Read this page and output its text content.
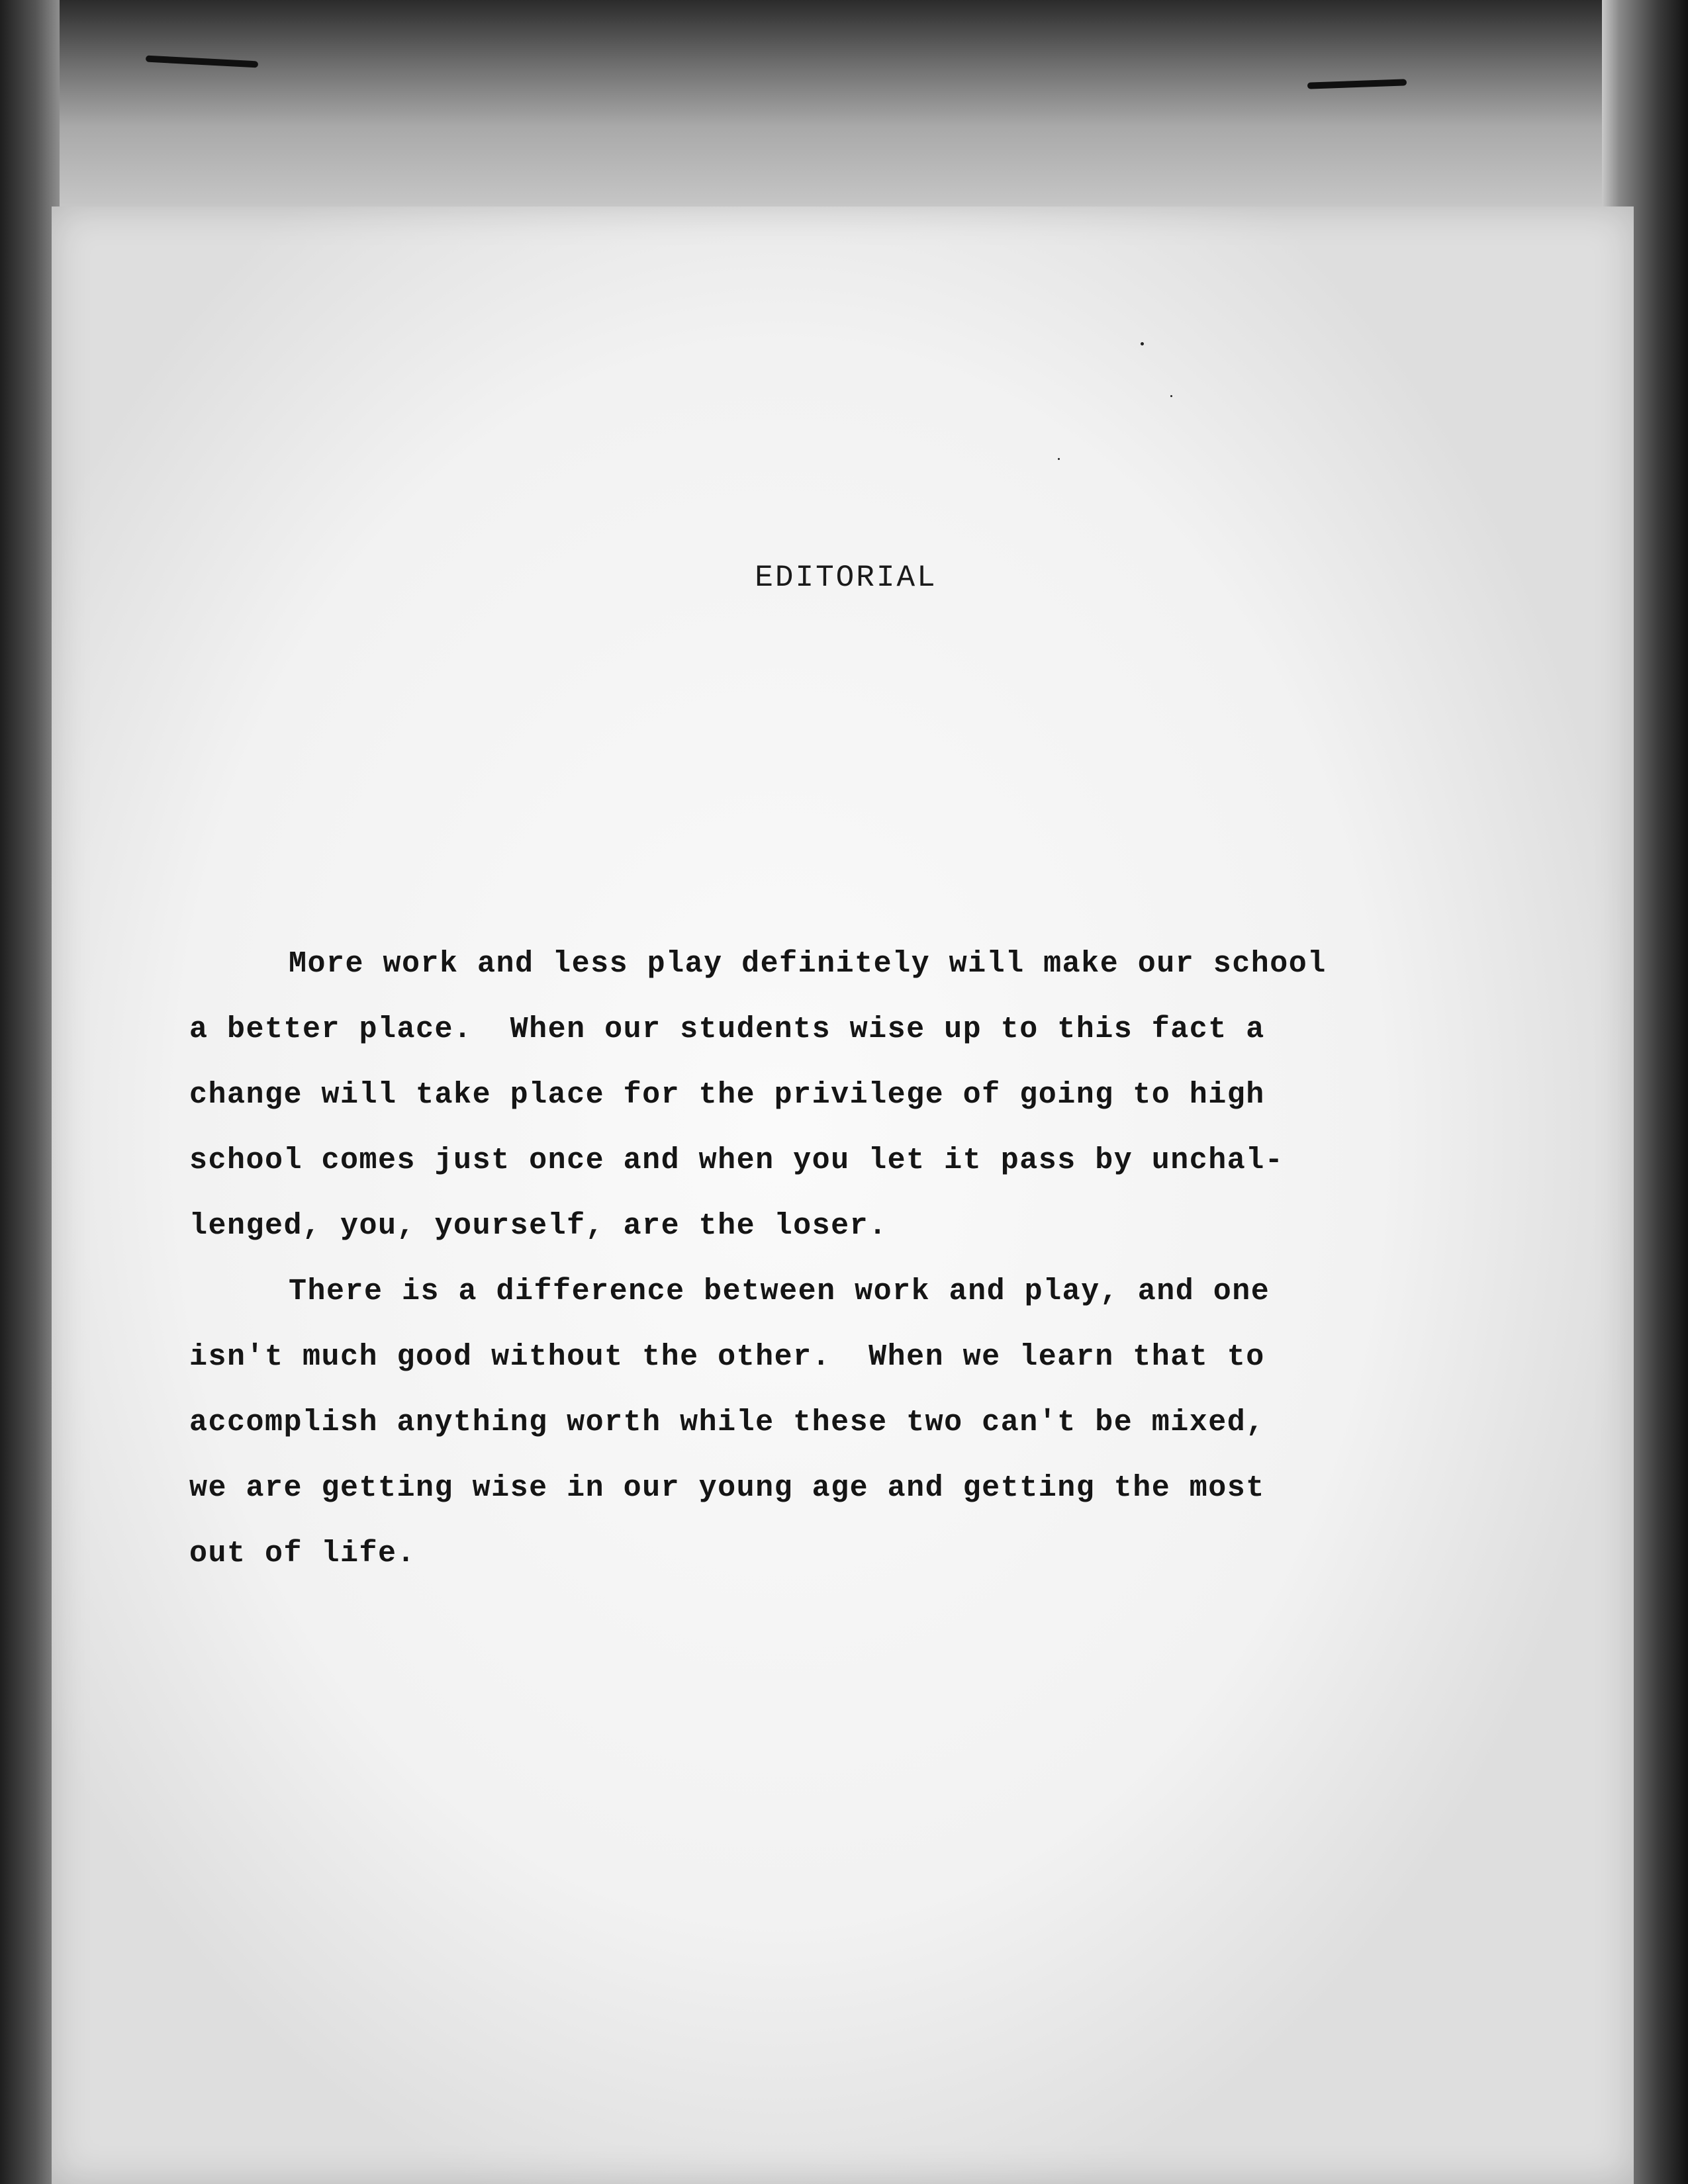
EDITORIAL
More work and less play definitely will make our school
a better place.  When our students wise up to this fact a
change will take place for the privilege of going to high
school comes just once and when you let it pass by unchal-
lenged, you, yourself, are the loser.
There is a difference between work and play, and one
isn't much good without the other.  When we learn that to
accomplish anything worth while these two can't be mixed,
we are getting wise in our young age and getting the most
out of life.
